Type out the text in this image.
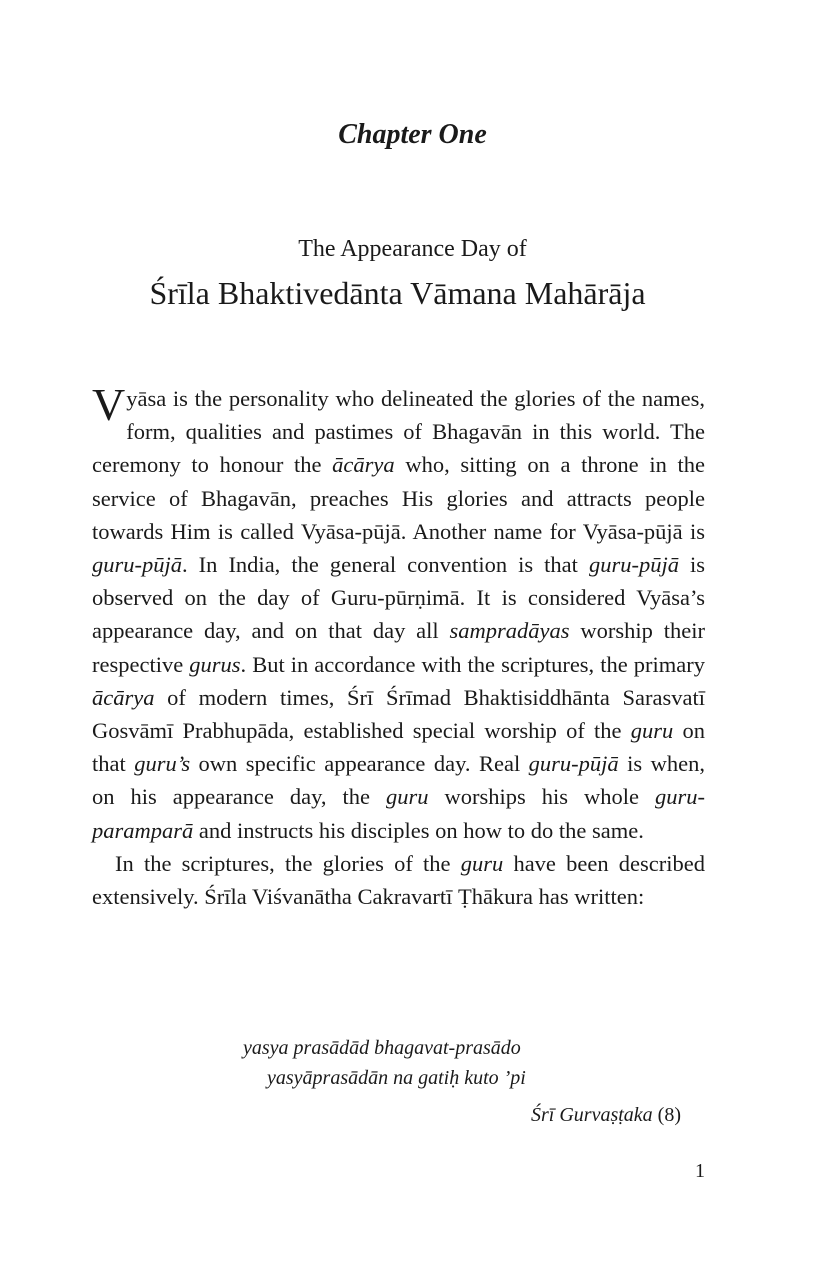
Chapter One
The Appearance Day of
Śrīla Bhaktivedānta Vāmana Mahārāja

Vyāsa is the personality who delineated the glories of the names, form, qualities and pastimes of Bhagavān in this world. The ceremony to honour the ācārya who, sitting on a throne in the service of Bhagavān, preaches His glories and attracts people towards Him is called Vyāsa-pūjā. Another name for Vyāsa-pūjā is guru-pūjā. In India, the general convention is that guru-pūjā is observed on the day of Guru-pūrṇimā. It is considered Vyāsa’s appearance day, and on that day all sampradāyas worship their respective gurus. But in accordance with the scriptures, the primary ācārya of modern times, Śrī Śrīmad Bhaktisiddhānta Sarasvatī Gosvāmī Prabhupāda, established special worship of the guru on that guru’s own specific appearance day. Real guru-pūjā is when, on his appearance day, the guru worships his whole guru-paramparā and instructs his disciples on how to do the same.

In the scriptures, the glories of the guru have been described extensively. Śrīla Viśvanātha Cakravartī Ṭhākura has written:

yasya prasādād bhagavat-prasādo
yasyāprasādān na gatiḥ kuto ’pi
Śrī Gurvaṣṭaka (8)
1
